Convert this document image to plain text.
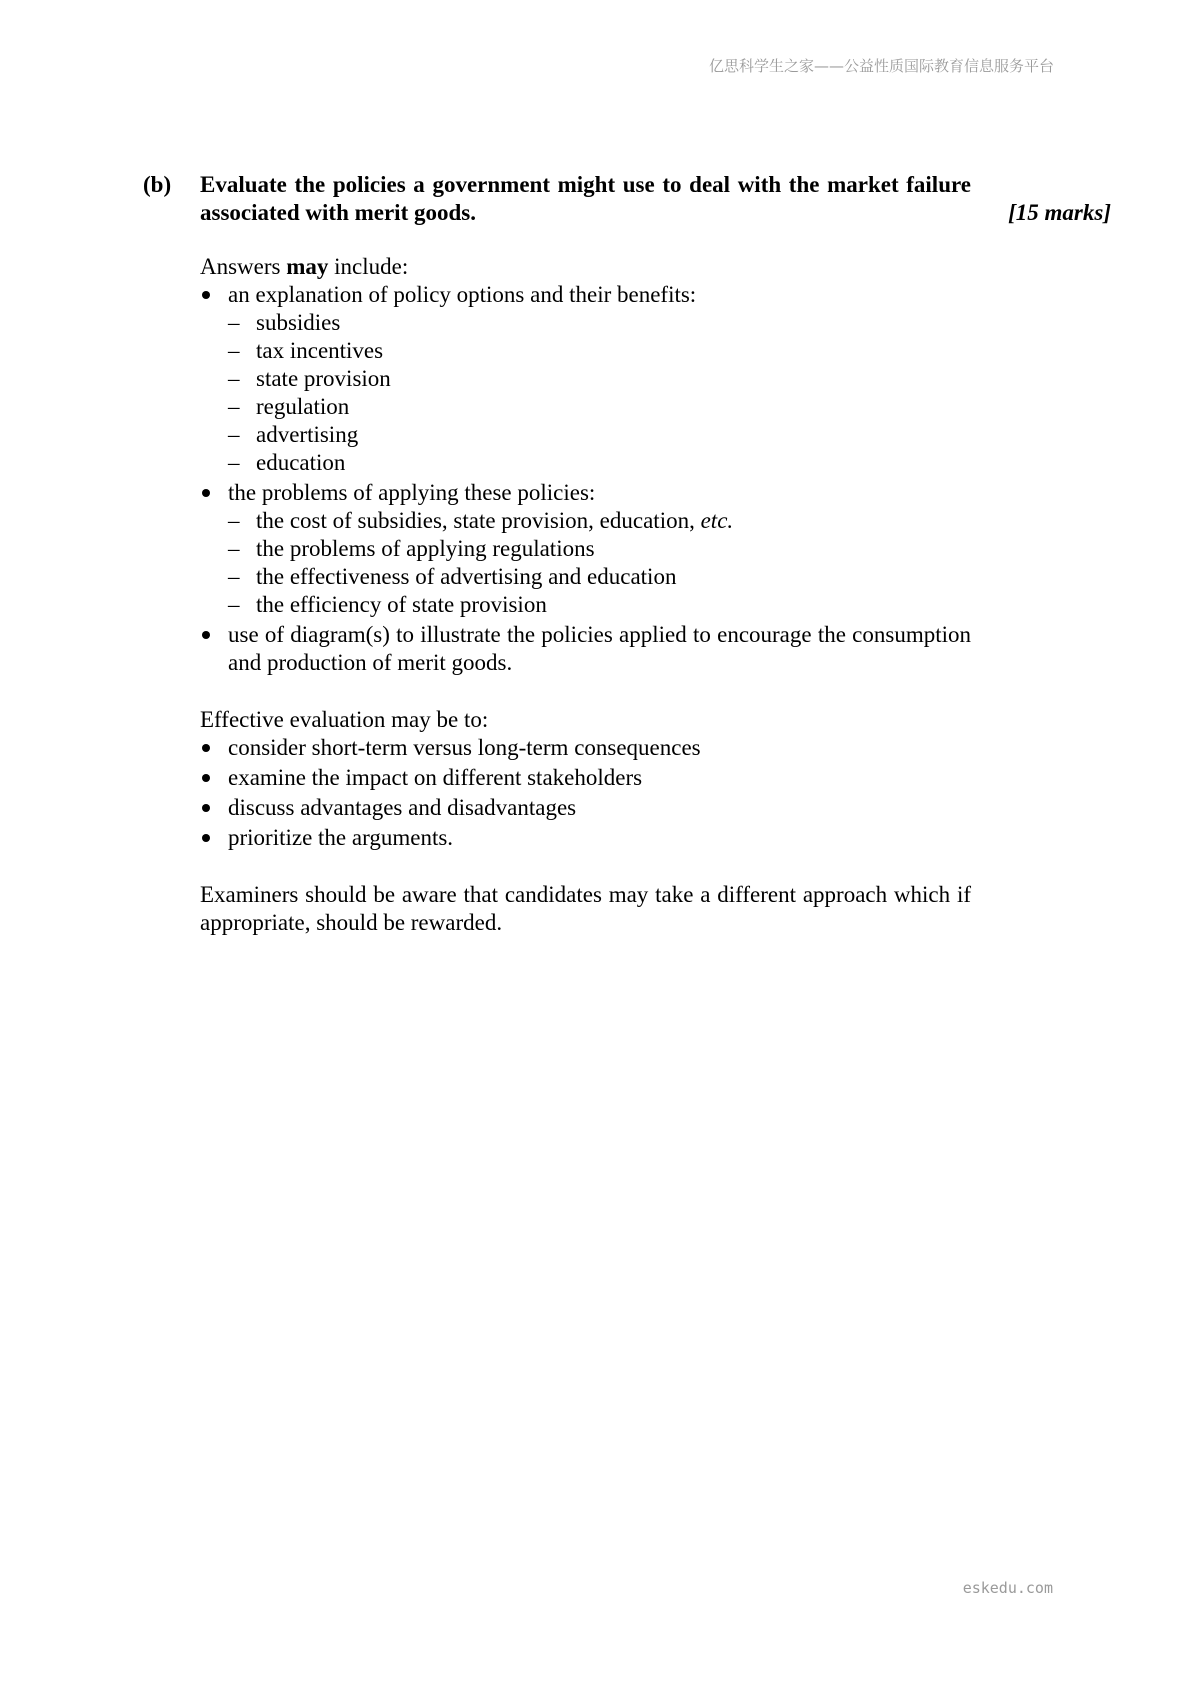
亿思科学生之家——公益性质国际教育信息服务平台
(b) Evaluate the policies a government might use to deal with the market failure associated with merit goods.	[15 marks]

Answers may include:

an explanation of policy options and their benefits:
– subsidies
– tax incentives
– state provision
– regulation
– advertising
– education
the problems of applying these policies:
– the cost of subsidies, state provision, education, etc.
– the problems of applying regulations
– the effectiveness of advertising and education
– the efficiency of state provision
use of diagram(s) to illustrate the policies applied to encourage the consumption and production of merit goods.

Effective evaluation may be to:

consider short-term versus long-term consequences
examine the impact on different stakeholders
discuss advantages and disadvantages
prioritize the arguments.

Examiners should be aware that candidates may take a different approach which if appropriate, should be rewarded.

eskedu.com
